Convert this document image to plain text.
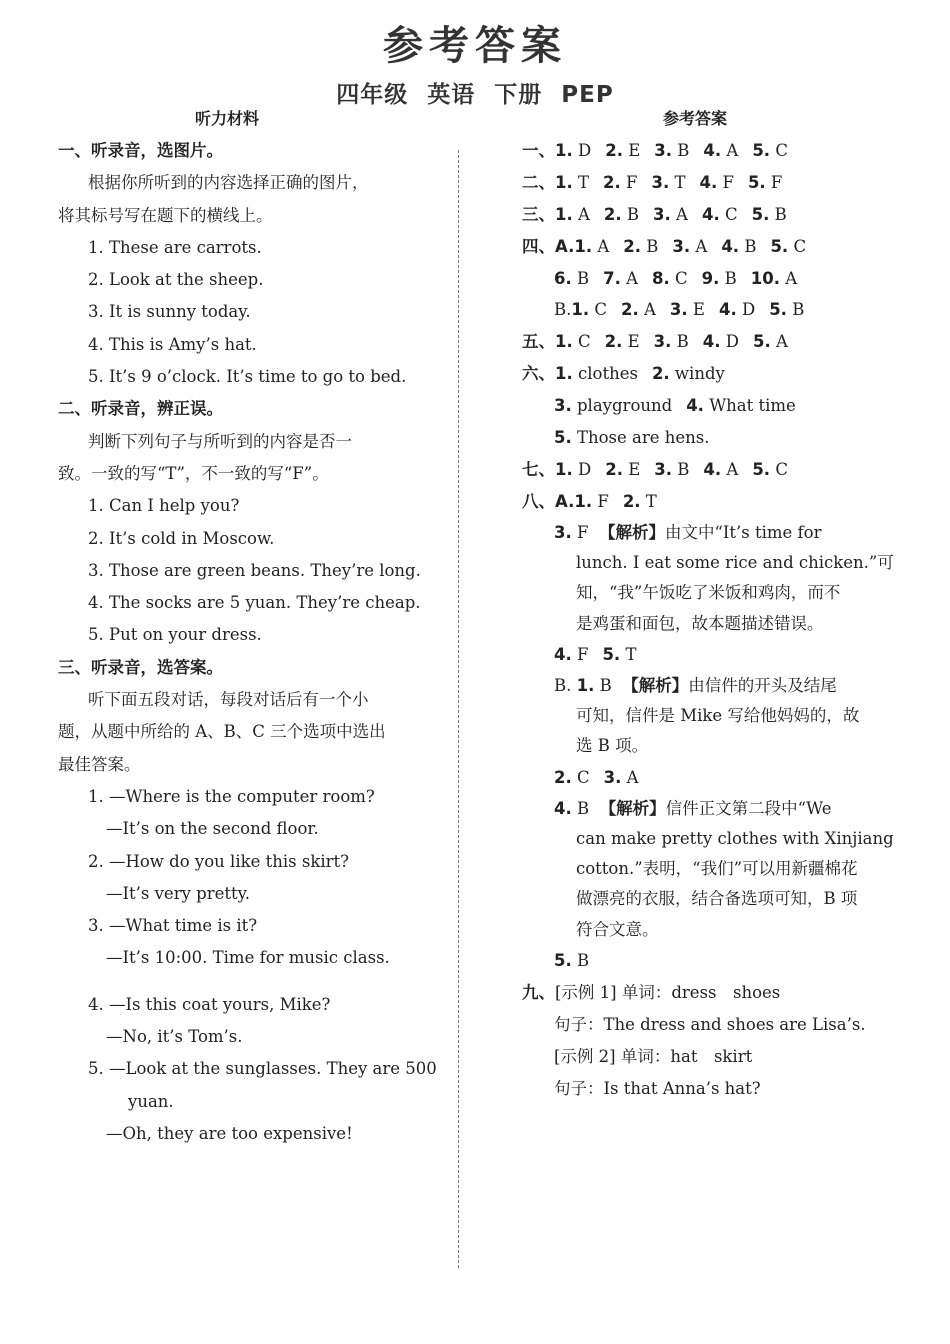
参考答案
四年级 英语 下册 PEP
听力材料	参考答案
一、听录音，选图片。
根据你所听到的内容选择正确的图片，
将其标号写在题下的横线上。
1. These are carrots.
2. Look at the sheep.
3. It is sunny today.
4. This is Amy’s hat.
5. It’s 9 o’clock. It’s time to go to bed.
二、听录音，辨正误。
判断下列句子与所听到的内容是否一
致。一致的写“T”，不一致的写“F”。
1. Can I help you?
2. It’s cold in Moscow.
3. Those are green beans. They’re long.
4. The socks are 5 yuan. They’re cheap.
5. Put on your dress.
三、听录音，选答案。
听下面五段对话，每段对话后有一个小
题，从题中所给的 A、B、C 三个选项中选出
最佳答案。
1. —Where is the computer room?
—It’s on the second floor.
2. —How do you like this skirt?
—It’s very pretty.
3. —What time is it?
—It’s 10:00. Time for music class.
4. —Is this coat yours, Mike?
—No, it’s Tom’s.
5. —Look at the sunglasses. They are 500
yuan.
—Oh, they are too expensive!
一、1. D 2. E 3. B 4. A 5. C
二、1. T 2. F 3. T 4. F 5. F
三、1. A 2. B 3. A 4. C 5. B
四、A.1. A 2. B 3. A 4. B 5. C
6. B 7. A 8. C 9. B 10. A
B.1. C 2. A 3. E 4. D 5. B
五、1. C 2. E 3. B 4. D 5. A
六、1. clothes 2. windy
3. playground 4. What time
5. Those are hens.
七、1. D 2. E 3. B 4. A 5. C
八、A.1. F 2. T
3. F 【解析】由文中“It’s time for
lunch. I eat some rice and chicken.”可
知，“我”午饭吃了米饭和鸡肉，而不
是鸡蛋和面包，故本题描述错误。
4. F 5. T
B. 1. B 【解析】由信件的开头及结尾
可知，信件是 Mike 写给他妈妈的，故
选 B 项。
2. C 3. A
4. B 【解析】信件正文第二段中“We
can make pretty clothes with Xinjiang
cotton.”表明，“我们”可以用新疆棉花
做漂亮的衣服，结合备选项可知，B 项
符合文意。
5. B
九、[示例 1] 单词：dress　shoes
句子：The dress and shoes are Lisa’s.
[示例 2] 单词：hat　skirt
句子：Is that Anna’s hat?
